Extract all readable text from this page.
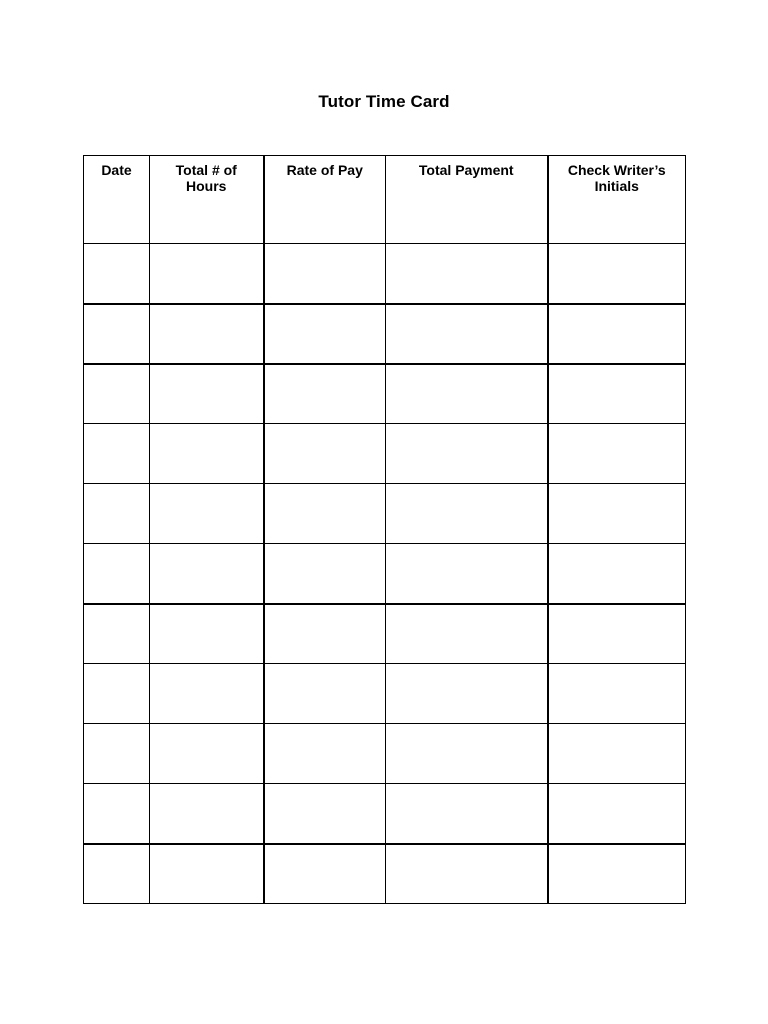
Tutor Time Card
Date	Total # of Hours	Rate of Pay	Total Payment	Check Writer’s Initials
